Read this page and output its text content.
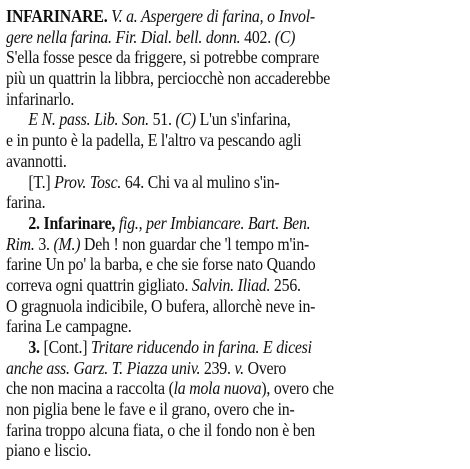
INFARINARE. V. a. Aspergere di farina, o Invol-
gere nella farina. Fir. Dial. bell. donn. 402. (C)
S'ella fosse pesce da friggere, si potrebbe comprare
più un quattrin la libbra, perciocchè non accaderebbe
infarinarlo.
E N. pass. Lib. Son. 51. (C) L'un s'infarina,
e in punto è la padella, E l'altro va pescando agli
avannotti.
[T.] Prov. Tosc. 64. Chi va al mulino s'in-
farina.
2. Infarinare, fig., per Imbiancare. Bart. Ben.
Rim. 3. (M.) Deh ! non guardar che 'l tempo m'in-
farine Un po' la barba, e che sie forse nato Quando
correva ogni quattrin gigliato. Salvin. Iliad. 256.
O gragnuola indicibile, O bufera, allorchè neve in-
farina Le campagne.
3. [Cont.] Tritare riducendo in farina. E dicesi
anche ass. Garz. T. Piazza univ. 239. v. Overo
che non macina a raccolta (la mola nuova), overo che
non piglia bene le fave e il grano, overo che in-
farina troppo alcuna fiata, o che il fondo non è ben
piano e liscio.
